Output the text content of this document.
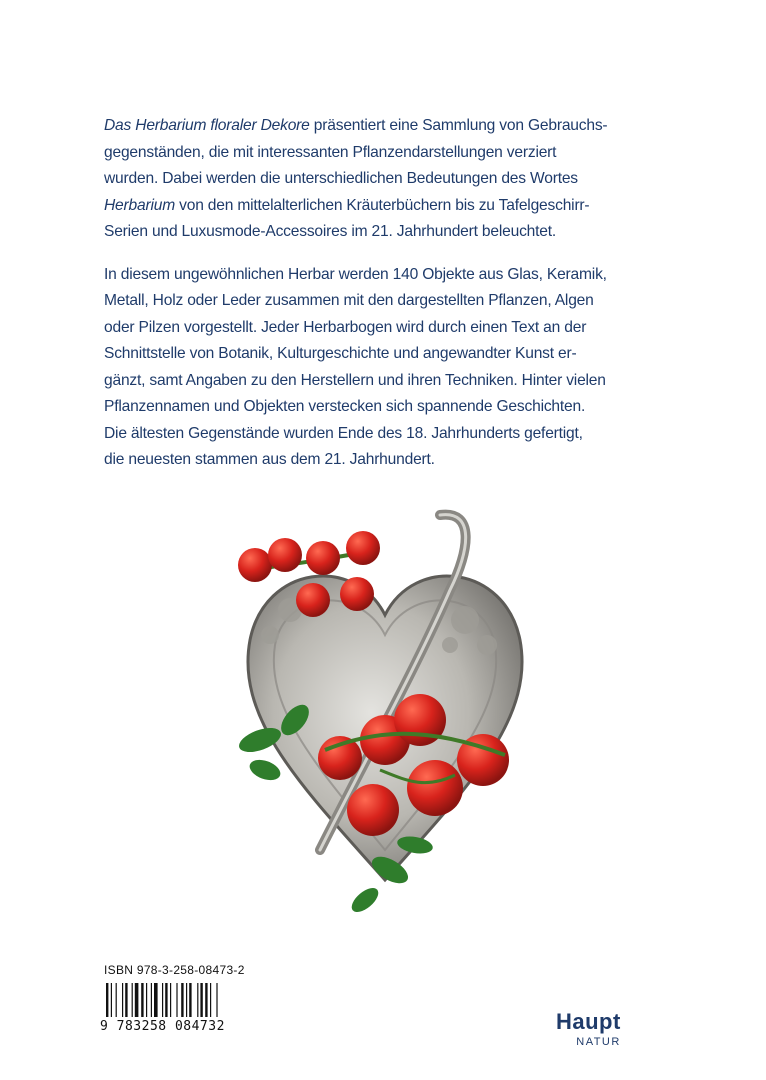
Das Herbarium floraler Dekore präsentiert eine Sammlung von Gebrauchs-
gegenständen, die mit interessanten Pflanzendarstellungen verziert
wurden. Dabei werden die unterschiedlichen Bedeutungen des Wortes
Herbarium von den mittelalterlichen Kräuterbüchern bis zu Tafelgeschirr-
Serien und Luxusmode-Accessoires im 21. Jahrhundert beleuchtet.

In diesem ungewöhnlichen Herbar werden 140 Objekte aus Glas, Keramik,
Metall, Holz oder Leder zusammen mit den dargestellten Pflanzen, Algen
oder Pilzen vorgestellt. Jeder Herbarbogen wird durch einen Text an der
Schnittstelle von Botanik, Kulturgeschichte und angewandter Kunst er-
gänzt, samt Angaben zu den Herstellern und ihren Techniken. Hinter vielen
Pflanzennamen und Objekten verstecken sich spannende Geschichten.
Die ältesten Gegenstände wurden Ende des 18. Jahrhunderts gefertigt,
die neuesten stammen aus dem 21. Jahrhundert.

ISBN 978-3-258-08473-2
9 783258 084732	Haupt
NATUR
